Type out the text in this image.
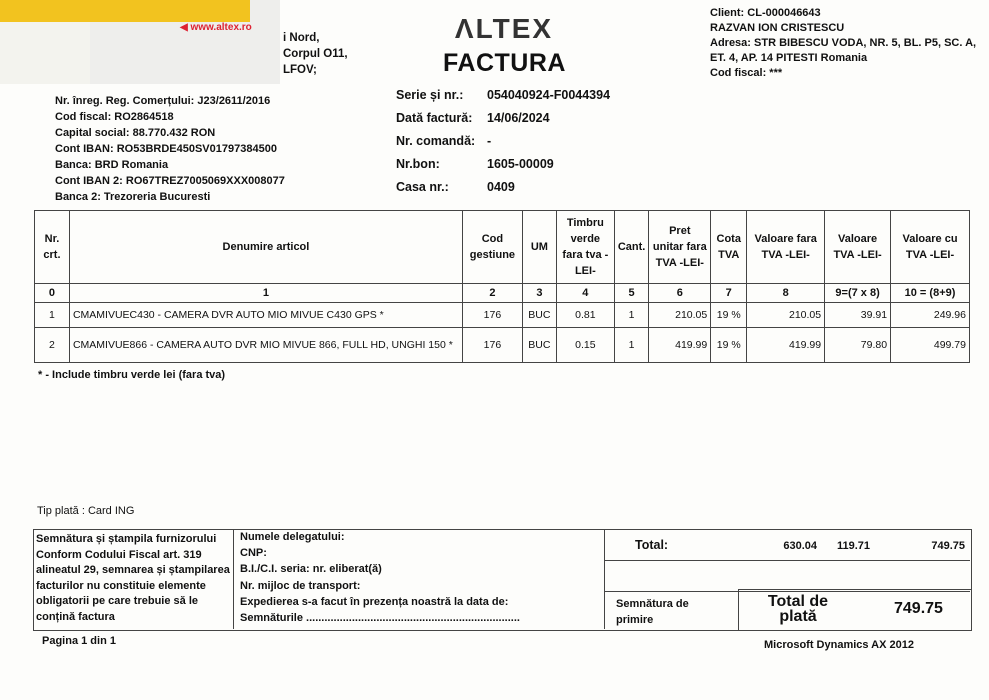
◀ www.altex.ro
i Nord,
Corpul O11,
LFOV;
Nr. înreg. Reg. Comerțului: J23/2611/2016
Cod fiscal: RO2864518
Capital social: 88.770.432 RON
Cont IBAN: RO53BRDE450SV01797384500
Banca: BRD Romania
Cont IBAN 2: RO67TREZ7005069XXX008077
Banca 2: Trezoreria Bucuresti
ΛLTEX
FACTURA
Serie și nr.:	054040924-F0044394
Dată factură:	14/06/2024
Nr. comandă: -
Nr.bon:	1605-00009
Casa nr.:	0409
Client: CL-000046643
RAZVAN ION CRISTESCU
Adresa: STR BIBESCU VODA, NR. 5, BL. P5, SC. A, ET. 4, AP. 14 PITESTI Romania
Cod fiscal: ***
Nr. crt.	Denumire articol	Cod gestiune	UM	Timbru verde fara tva -LEI-	Cant.	Pret unitar fara TVA -LEI-	Cota TVA	Valoare fara TVA -LEI-	Valoare TVA -LEI-	Valoare cu TVA -LEI-
0	1	2	3	4	5	6	7	8	9=(7 x 8)	10 = (8+9)
1	CMAMIVUEC430 - CAMERA DVR AUTO MIO MIVUE C430 GPS *	176	BUC	0.81	1	210.05	19 %	210.05	39.91	249.96
2	CMAMIVUE866 - CAMERA AUTO DVR MIO MIVUE 866, FULL HD, UNGHI 150 *	176	BUC	0.15	1	419.99	19 %	419.99	79.80	499.79
* - Include timbru verde lei (fara tva)
Tip plată : Card ING
Semnătura și ștampila furnizorului Conform Codului Fiscal art. 319 alineatul 29, semnarea și ștampilarea facturilor nu constituie elemente obligatorii pe care trebuie să le conțină factura
Numele delegatului:
CNP:
B.I./C.I. seria: nr. eliberat(ă)
Nr. mijloc de transport:
Expedierea s-a facut în prezența noastră la data de:
Semnăturile ......................................................................
Total:	630.04	119.71	749.75
Semnătura de primire
Total de plată	749.75
Pagina 1 din 1	Microsoft Dynamics AX 2012
